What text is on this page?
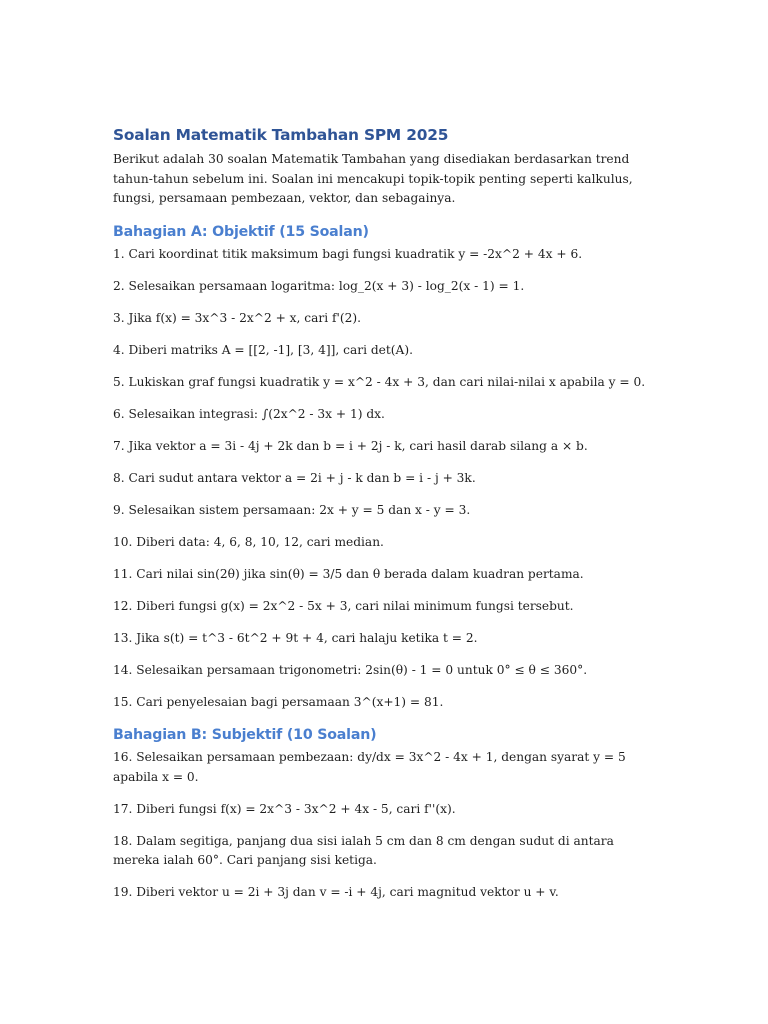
Soalan Matematik Tambahan SPM 2025

Berikut adalah 30 soalan Matematik Tambahan yang disediakan berdasarkan trend tahun-tahun sebelum ini. Soalan ini mencakupi topik-topik penting seperti kalkulus, fungsi, persamaan pembezaan, vektor, dan sebagainya.

Bahagian A: Objektif (15 Soalan)

1. Cari koordinat titik maksimum bagi fungsi kuadratik y = -2x^2 + 4x + 6.

2. Selesaikan persamaan logaritma: log_2(x + 3) - log_2(x - 1) = 1.

3. Jika f(x) = 3x^3 - 2x^2 + x, cari f'(2).

4. Diberi matriks A = [[2, -1], [3, 4]], cari det(A).

5. Lukiskan graf fungsi kuadratik y = x^2 - 4x + 3, dan cari nilai-nilai x apabila y = 0.

6. Selesaikan integrasi: ∫(2x^2 - 3x + 1) dx.

7. Jika vektor a = 3i - 4j + 2k dan b = i + 2j - k, cari hasil darab silang a × b.

8. Cari sudut antara vektor a = 2i + j - k dan b = i - j + 3k.

9. Selesaikan sistem persamaan: 2x + y = 5 dan x - y = 3.

10. Diberi data: 4, 6, 8, 10, 12, cari median.

11. Cari nilai sin(2θ) jika sin(θ) = 3/5 dan θ berada dalam kuadran pertama.

12. Diberi fungsi g(x) = 2x^2 - 5x + 3, cari nilai minimum fungsi tersebut.

13. Jika s(t) = t^3 - 6t^2 + 9t + 4, cari halaju ketika t = 2.

14. Selesaikan persamaan trigonometri: 2sin(θ) - 1 = 0 untuk 0° ≤ θ ≤ 360°.

15. Cari penyelesaian bagi persamaan 3^(x+1) = 81.

Bahagian B: Subjektif (10 Soalan)

16. Selesaikan persamaan pembezaan: dy/dx = 3x^2 - 4x + 1, dengan syarat y = 5 apabila x = 0.

17. Diberi fungsi f(x) = 2x^3 - 3x^2 + 4x - 5, cari f''(x).

18. Dalam segitiga, panjang dua sisi ialah 5 cm dan 8 cm dengan sudut di antara mereka ialah 60°. Cari panjang sisi ketiga.

19. Diberi vektor u = 2i + 3j dan v = -i + 4j, cari magnitud vektor u + v.
